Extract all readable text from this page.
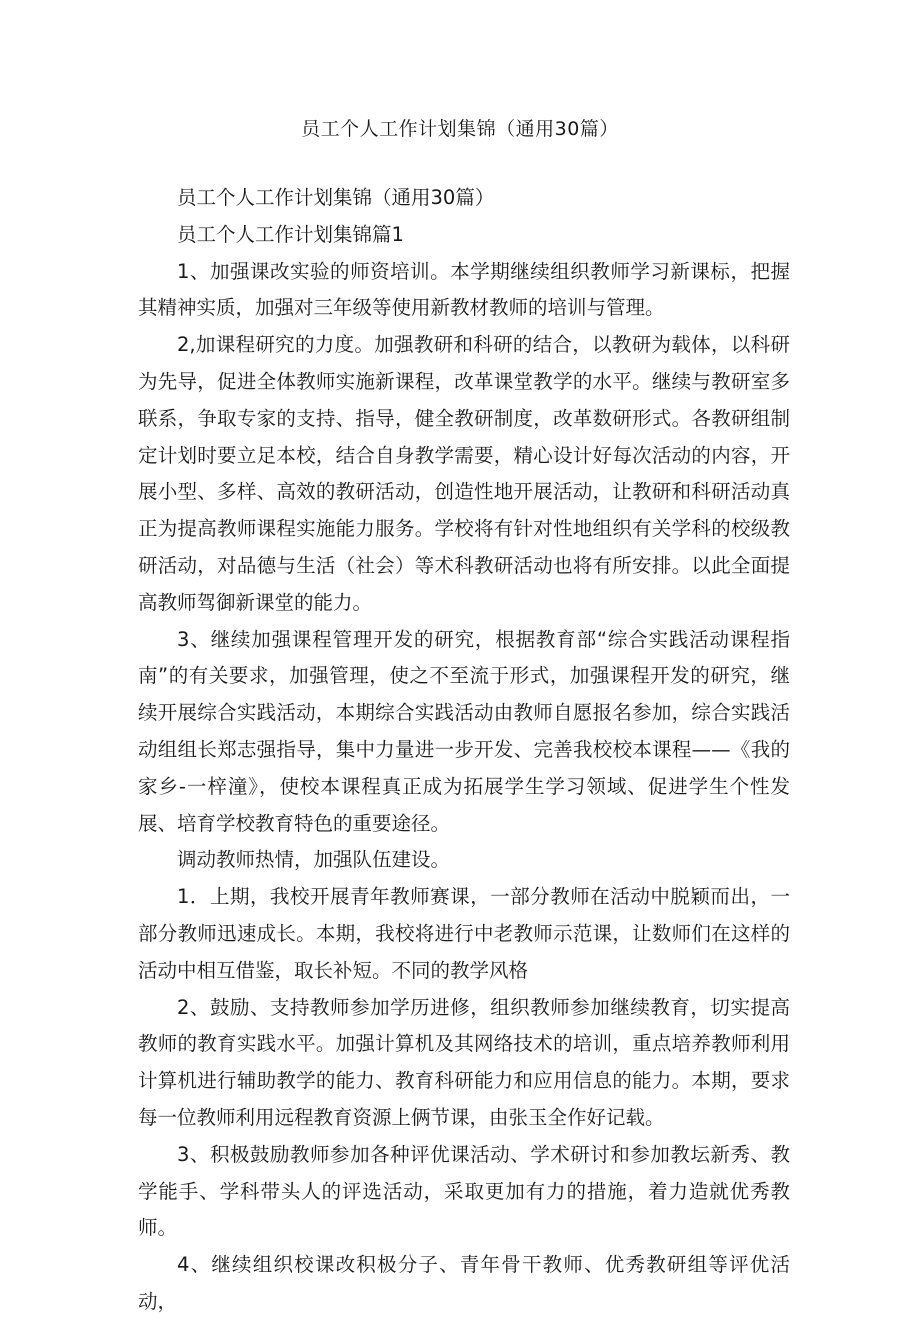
员工个人工作计划集锦（通用30篇）

员工个人工作计划集锦（通用30篇）

员工个人工作计划集锦篇1

1、加强课改实验的师资培训。本学期继续组织教师学习新课标，把握其精神实质，加强对三年级等使用新教材教师的培训与管理。

2,加课程研究的力度。加强教研和科研的结合，以教研为载体，以科研为先导，促进全体教师实施新课程，改革课堂教学的水平。继续与教研室多联系，争取专家的支持、指导，健全教研制度，改革数研形式。各教研组制定计划时要立足本校，结合自身教学需要，精心设计好每次活动的内容，开展小型、多样、高效的教研活动，创造性地开展活动，让教研和科研活动真正为提高教师课程实施能力服务。学校将有针对性地组织有关学科的校级教研活动，对品德与生活（社会）等术科教研活动也将有所安排。以此全面提高教师驾御新课堂的能力。

3、继续加强课程管理开发的研究，根据教育部“综合实践活动课程指南”的有关要求，加强管理，使之不至流于形式，加强课程开发的研究，继续开展综合实践活动，本期综合实践活动由教师自愿报名参加，综合实践活动组组长郑志强指导，集中力量进一步开发、完善我校校本课程——《我的家乡-一梓潼》，使校本课程真正成为拓展学生学习领域、促进学生个性发展、培育学校教育特色的重要途径。

调动教师热情，加强队伍建设。

1．上期，我校开展青年教师赛课，一部分教师在活动中脱颖而出，一部分教师迅速成长。本期，我校将进行中老教师示范课，让数师们在这样的活动中相互借鉴，取长补短。不同的教学风格

2、鼓励、支持教师参加学历进修，组织教师参加继续教育，切实提高教师的教育实践水平。加强计算机及其网络技术的培训，重点培养教师利用计算机进行辅助教学的能力、教育科研能力和应用信息的能力。本期，要求每一位教师利用远程教育资源上俩节课，由张玉全作好记载。

3、积极鼓励教师参加各种评优课活动、学术研讨和参加教坛新秀、教学能手、学科带头人的评选活动，采取更加有力的措施，着力造就优秀教师。

4、继续组织校课改积极分子、青年骨干教师、优秀教研组等评优活动，
